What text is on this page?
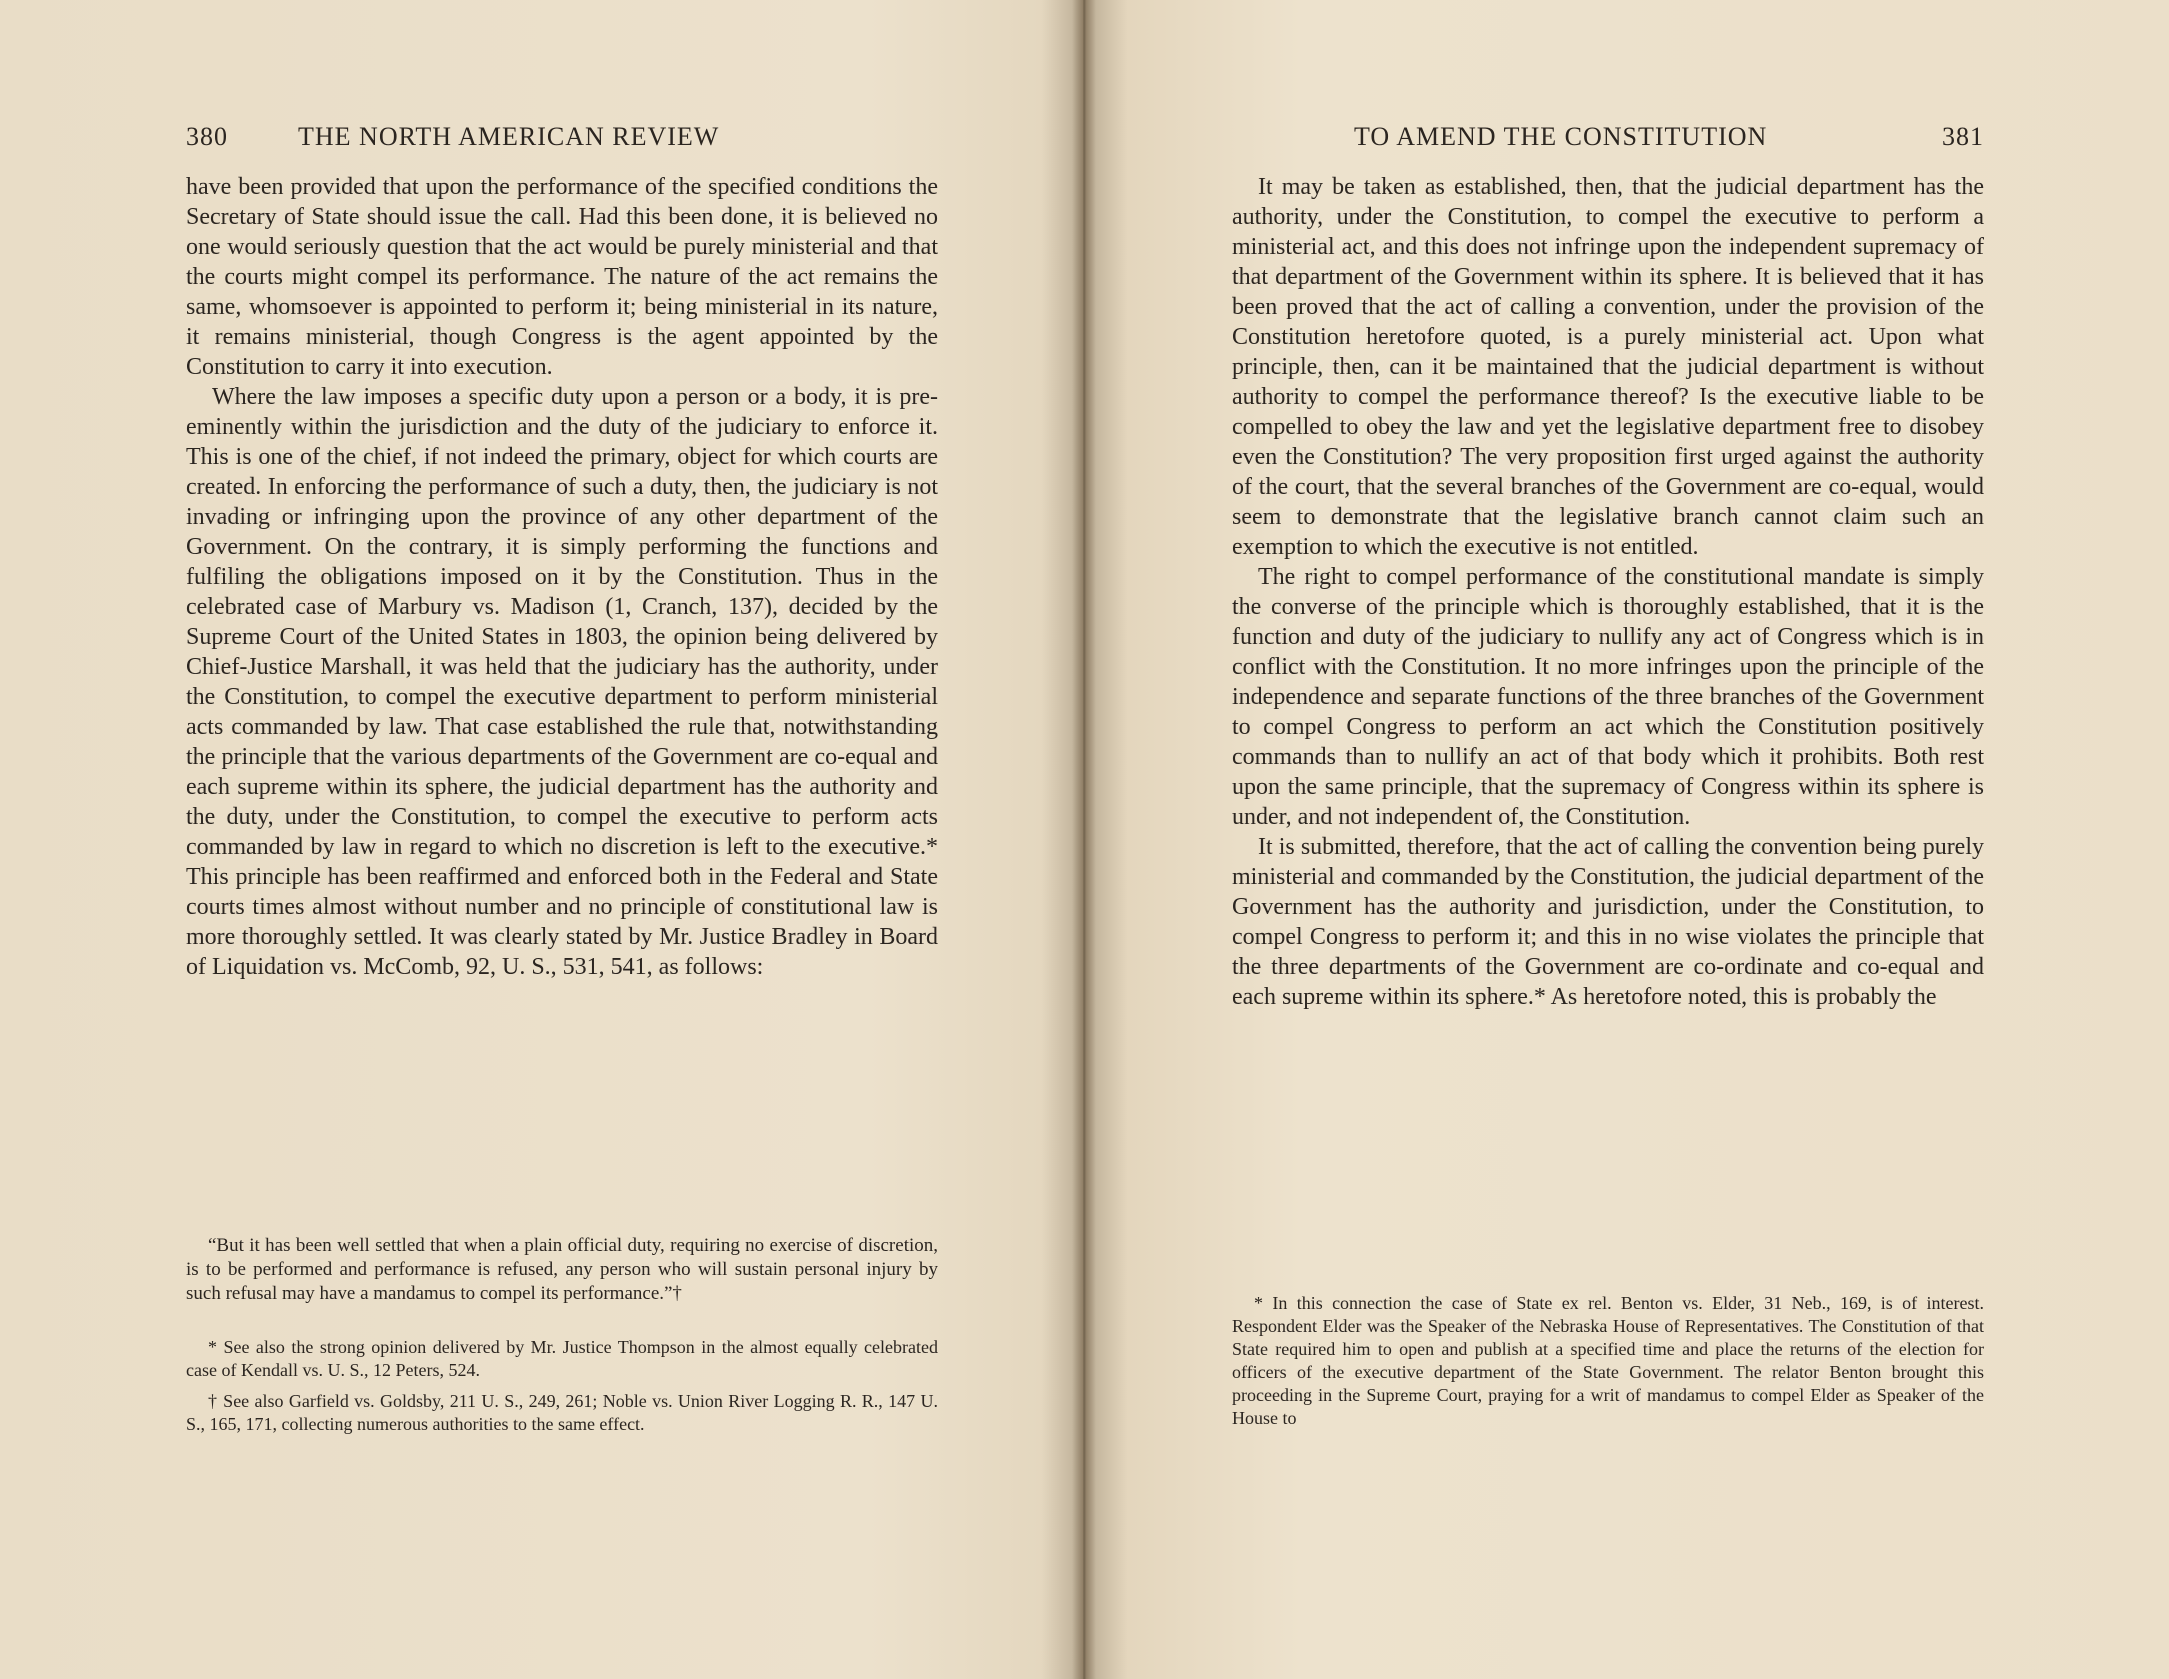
380	THE NORTH AMERICAN REVIEW

have been provided that upon the performance of the specified conditions the Secretary of State should issue the call. Had this been done, it is believed no one would seriously question that the act would be purely ministerial and that the courts might compel its performance. The nature of the act remains the same, whomsoever is appointed to perform it; being ministerial in its nature, it remains ministerial, though Congress is the agent appointed by the Constitution to carry it into execution.

Where the law imposes a specific duty upon a person or a body, it is pre-eminently within the jurisdiction and the duty of the judiciary to enforce it. This is one of the chief, if not indeed the primary, object for which courts are created. In enforcing the performance of such a duty, then, the judiciary is not invading or infringing upon the province of any other department of the Government. On the contrary, it is simply performing the functions and fulfiling the obligations imposed on it by the Constitution. Thus in the celebrated case of Marbury vs. Madison (1, Cranch, 137), decided by the Supreme Court of the United States in 1803, the opinion being delivered by Chief-Justice Marshall, it was held that the judiciary has the authority, under the Constitution, to compel the executive department to perform ministerial acts commanded by law. That case established the rule that, notwithstanding the principle that the various departments of the Government are co-equal and each supreme within its sphere, the judicial department has the authority and the duty, under the Constitution, to compel the executive to perform acts commanded by law in regard to which no discretion is left to the executive.* This principle has been reaffirmed and enforced both in the Federal and State courts times almost without number and no principle of constitutional law is more thoroughly settled. It was clearly stated by Mr. Justice Bradley in Board of Liquidation vs. McComb, 92, U. S., 531, 541, as follows:

“But it has been well settled that when a plain official duty, requiring no exercise of discretion, is to be performed and performance is refused, any person who will sustain personal injury by such refusal may have a mandamus to compel its performance.”†

* See also the strong opinion delivered by Mr. Justice Thompson in the almost equally celebrated case of Kendall vs. U. S., 12 Peters, 524.

† See also Garfield vs. Goldsby, 211 U. S., 249, 261; Noble vs. Union River Logging R. R., 147 U. S., 165, 171, collecting numerous authorities to the same effect.

TO AMEND THE CONSTITUTION	381

It may be taken as established, then, that the judicial department has the authority, under the Constitution, to compel the executive to perform a ministerial act, and this does not infringe upon the independent supremacy of that department of the Government within its sphere. It is believed that it has been proved that the act of calling a convention, under the provision of the Constitution heretofore quoted, is a purely ministerial act. Upon what principle, then, can it be maintained that the judicial department is without authority to compel the performance thereof? Is the executive liable to be compelled to obey the law and yet the legislative department free to disobey even the Constitution? The very proposition first urged against the authority of the court, that the several branches of the Government are co-equal, would seem to demonstrate that the legislative branch cannot claim such an exemption to which the executive is not entitled.

The right to compel performance of the constitutional mandate is simply the converse of the principle which is thoroughly established, that it is the function and duty of the judiciary to nullify any act of Congress which is in conflict with the Constitution. It no more infringes upon the principle of the independence and separate functions of the three branches of the Government to compel Congress to perform an act which the Constitution positively commands than to nullify an act of that body which it prohibits. Both rest upon the same principle, that the supremacy of Congress within its sphere is under, and not independent of, the Constitution.

It is submitted, therefore, that the act of calling the convention being purely ministerial and commanded by the Constitution, the judicial department of the Government has the authority and jurisdiction, under the Constitution, to compel Congress to perform it; and this in no wise violates the principle that the three departments of the Government are co-ordinate and co-equal and each supreme within its sphere.* As heretofore noted, this is probably the

* In this connection the case of State ex rel. Benton vs. Elder, 31 Neb., 169, is of interest. Respondent Elder was the Speaker of the Nebraska House of Representatives. The Constitution of that State required him to open and publish at a specified time and place the returns of the election for officers of the executive department of the State Government. The relator Benton brought this proceeding in the Supreme Court, praying for a writ of mandamus to compel Elder as Speaker of the House to
